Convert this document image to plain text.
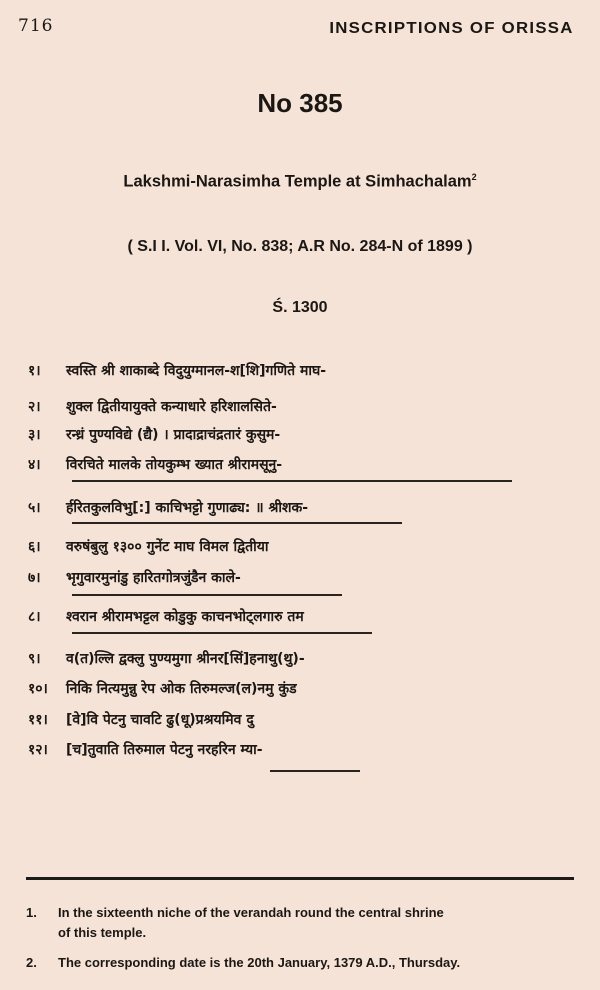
716	INSCRIPTIONS OF ORISSA
No 385
Lakshmi-Narasimha Temple at Simhachalam$^2$
( S.I I. Vol. VI, No. 838; A.R No. 284-N of 1899 )
Ś. 1300
१। स्वस्ति श्री शाकाब्दे विदुयुग्मानल-श[शि]गणिते माघ-
२। शुक्ल द्वितीयायुक्ते कन्याधारे हरिशालसिते-
३। रन्ध्रं पुण्यविद्ये (द्यै) । प्रादाद्राचंद्रतारं कुसुम-
४। विरचिते मालके तोयकुम्भ ख्यात श्रीरामसूनु-
५। र्हरितकुलविभु[:] काचिभट्टो गुणाढ्य: ॥ श्रीशक-
६। वरुषंबुलु १३०० गुनेंट माघ विमल द्वितीया
७। भृगुवारमुनांडु हारितगोत्रजुंडैन काले-
८। श्वरान श्रीरामभट्टल कोडुकु काचनभोट्लगारु तम
९। व(त)ल्लि द्वक्लु पुण्यमुगा श्रीनर[सिं]हनाथु(थु)-
१०। निकि नित्यमुन्नु रेप ओक तिरुमल्ज(ल)नमु कुंड
११। [वे]वि पेटनु चावटि ढु(धू)प्रश्रयमिव दु
१२। [च]तुवाति तिरुमाल पेटनु नरहरिन म्या-
1. In the sixteenth niche of the verandah round the central shrine
of this temple.
2. The corresponding date is the 20th January, 1379 A.D., Thursday.
